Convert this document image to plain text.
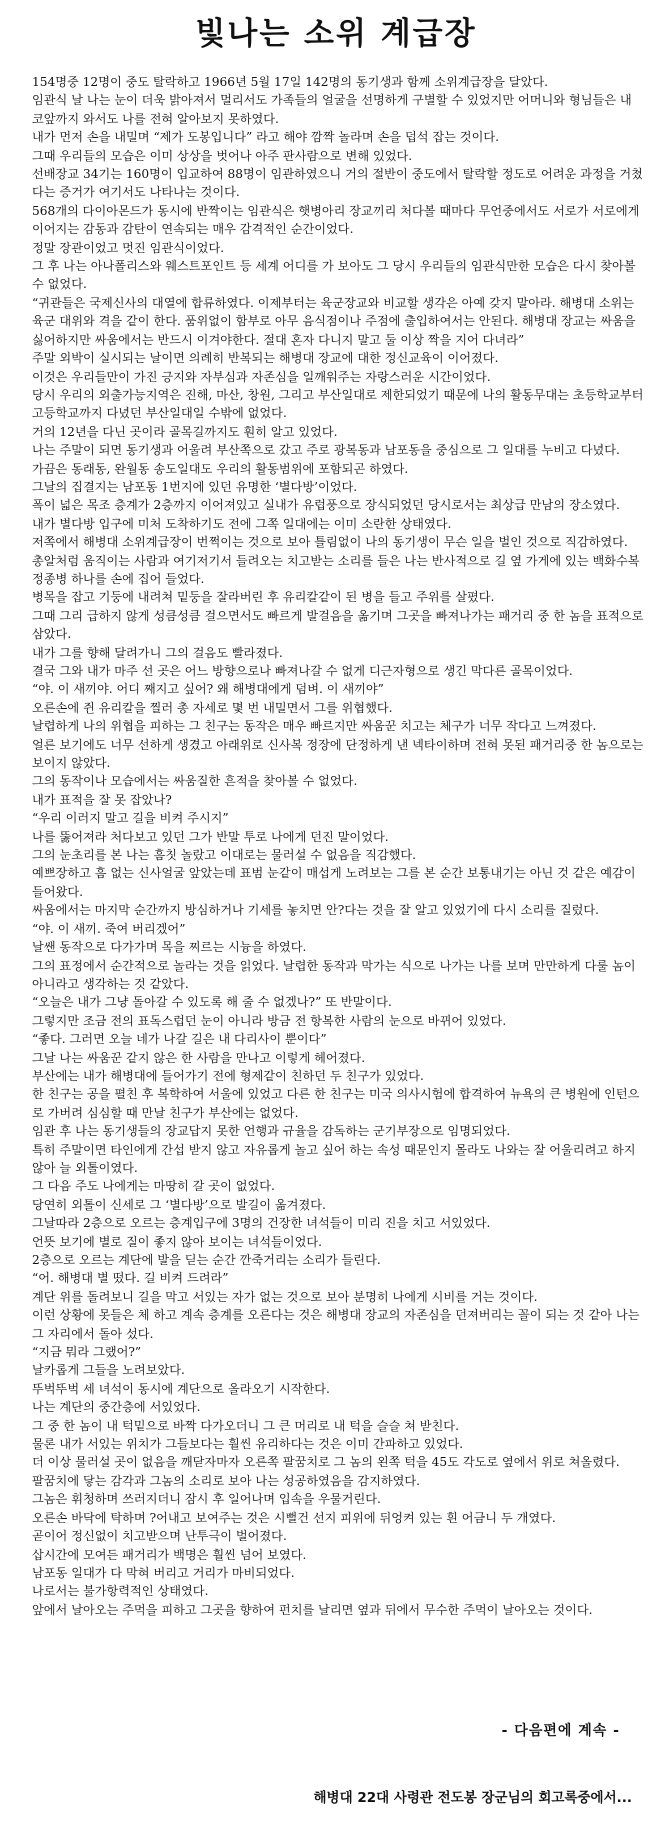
빛나는 소위 계급장

154명중 12명이 중도 탈락하고 1966년 5월 17일 142명의 동기생과 함께 소위계급장을 달았다.

임관식 날 나는 눈이 더욱 밝아져서 멀리서도 가족들의 얼굴을 선명하게 구별할 수 있었지만 어머니와 형님들은 내 코앞까지 와서도 나를 전혀 알아보지 못하였다.

내가 먼저 손을 내밀며 “제가 도봉입니다” 라고 해야 깜짝 놀라며 손을 덥석 잡는 것이다.

그때 우리들의 모습은 이미 상상을 벗어나 아주 판사람으로 변해 있었다.

선배장교 34기는 160명이 입교하여 88명이 임관하였으니 거의 절반이 중도에서 탈락할 정도로 어려운 과정을 거쳤다는 증거가 여기서도 나타나는 것이다.

568개의 다이아몬드가 동시에 반짝이는 임관식은 햇병아리 장교끼리 처다볼 때마다 무언중에서도 서로가 서로에게 이어지는 감동과 감탄이 연속되는 매우 감격적인 순간이었다.

정말 장관이었고 멋진 임관식이었다.

그 후 나는 아나폴리스와 웨스트포인트 등 세계 어디를 가 보아도 그 당시 우리들의 임관식만한 모습은 다시 찾아볼 수 없었다.

“귀관들은 국제신사의 대열에 합류하였다. 이제부터는 육군장교와 비교할 생각은 아예 갖지 말아라. 해병대 소위는 육군 대위와 격을 같이 한다. 품위없이 함부로 아무 음식점이나 주점에 출입하여서는 안된다. 해병대 장교는 싸움을 싫어하지만 싸움에서는 반드시 이겨야한다. 절대 혼자 다니지 말고 둘 이상 짝을 지어 다녀라”

주말 외박이 실시되는 날이면 의례히 반복되는 해병대 장교에 대한 정신교육이 이어졌다.

이것은 우리들만이 가진 긍지와 자부심과 자존심을 일깨워주는 자랑스러운 시간이었다.

당시 우리의 외출가능지역은 진해, 마산, 창원, 그리고 부산일대로 제한되었기 때문에 나의 활동무대는 초등학교부터 고등학교까지 다녔던 부산일대일 수밖에 없었다.

거의 12년을 다닌 곳이라 골목길까지도 훤히 알고 있었다.

나는 주말이 되면 동기생과 어울려 부산쪽으로 갔고 주로 광복동과 남포동을 중심으로 그 일대를 누비고 다녔다.

가끔은 동래동, 완월동 송도일대도 우리의 활동범위에 포함되곤 하였다.

그날의 집결지는 남포동 1번지에 있던 유명한 ‘별다방’이었다.

폭이 넓은 목조 층계가 2층까지 이어져있고 실내가 유럽풍으로 장식되었던 당시로서는 최상급 만남의 장소였다.

내가 별다방 입구에 미처 도착하기도 전에 그쪽 일대에는 이미 소란한 상태였다.

저쪽에서 해병대 소위계급장이 번쩍이는 것으로 보아 틀림없이 나의 동기생이 무슨 일을 벌인 것으로 직감하였다.

총알처럼 움직이는 사람과 여기저기서 들려오는 치고받는 소리를 들은 나는 반사적으로 길 옆 가게에 있는 백화수복 정종병 하나를 손에 집어 들었다.

병목을 잡고 기둥에 내려쳐 밑둥을 잘라버린 후 유리칼같이 된 병을 들고 주위를 살폈다.

그때 그리 급하지 않게 성큼성큼 걸으면서도 빠르게 발걸음을 옮기며 그곳을 빠져나가는 패거리 중 한 놈을 표적으로 삼았다.

내가 그를 향해 달려가니 그의 걸음도 빨라졌다.

결국 그와 내가 마주 선 곳은 어느 방향으로나 빠져나갈 수 없게 디근자형으로 생긴 막다른 골목이었다.

“야. 이 새끼야. 어디 째지고 싶어? 왜 해병대에게 덤벼. 이 새끼야”

오른손에 쥔 유리칼을 찔러 총 자세로 몇 번 내밀면서 그를 위협했다.

날렵하게 나의 위협을 피하는 그 친구는 동작은 매우 빠르지만 싸움꾼 치고는 체구가 너무 작다고 느껴졌다.

얼른 보기에도 너무 선하게 생겼고 아래위로 신사복 정장에 단정하게 낸 넥타이하며 전혀 못된 패거리중 한 놈으로는 보이지 않았다.

그의 동작이나 모습에서는 싸움질한 흔적을 찾아볼 수 없었다.

내가 표적을 잘 못 잡았나?

“우리 이러지 말고 길을 비켜 주시지”

나를 뚫어져라 처다보고 있던 그가 반말 투로 나에게 던진 말이었다.

그의 눈초리를 본 나는 흠칫 놀랐고 이대로는 물러설 수 없음을 직감했다.

예쁘장하고 흠 없는 신사얼굴 앞았는데 표범 눈같이 매섭게 노려보는 그를 본 순간 보통내기는 아닌 것 같은 예감이 들어왔다.

싸움에서는 마지막 순간까지 방심하거나 기세를 놓치면 안?다는 것을 잘 알고 있었기에 다시 소리를 질렀다.

“야. 이 새끼. 죽여 버리겠어”

날쌘 동작으로 다가가며 목을 찌르는 시늉을 하였다.

그의 표정에서 순간적으로 놀라는 것을 읽었다. 날렵한 동작과 막가는 식으로 나가는 나를 보며 만만하게 다룰 놈이 아니라고 생각하는 것 같았다.

“오늘은 내가 그냥 돌아갈 수 있도록 해 줄 수 없겠나?” 또 반말이다.

그렇지만 조금 전의 표독스럽던 눈이 아니라 방금 전 항복한 사람의 눈으로 바뀌어 있었다.

“좋다. 그러면 오늘 네가 나갈 길은 내 다리사이 뿐이다”

그날 나는 싸움꾼 같지 않은 한 사람을 만나고 이렇게 헤어졌다.

부산에는 내가 해병대에 들어가기 전에 형제같이 친하던 두 친구가 있었다.

한 친구는 공을 펼친 후 복학하여 서울에 있었고 다른 한 친구는 미국 의사시험에 합격하여 뉴욕의 큰 병원에 인턴으로 가버려 심심할 때 만날 친구가 부산에는 없었다.

임관 후 나는 동기생들의 장교답지 못한 언행과 규율을 감독하는 군기부장으로 임명되었다.

특히 주말이면 타인에게 간섭 받지 않고 자유롭게 놀고 싶어 하는 속성 때문인지 몰라도 나와는 잘 어울리려고 하지 않아 늘 외톨이였다.

그 다음 주도 나에게는 마땅히 갈 곳이 없었다.

당연히 외톨이 신세로 그 ‘별다방’으로 발길이 옮겨졌다.

그날따라 2층으로 오르는 층계입구에 3명의 건장한 녀석들이 미리 진을 치고 서있었다.

언뜻 보기에 별로 질이 좋지 않아 보이는 녀석들이었다.

2층으로 오르는 계단에 발을 딛는 순간 깐죽거리는 소리가 들린다.

“어. 해병대 별 떴다. 길 비켜 드려라”

계단 위를 돌려보니 길을 막고 서있는 자가 없는 것으로 보아 분명히 나에게 시비를 거는 것이다.

이런 상황에 못들은 체 하고 계속 층계를 오른다는 것은 해병대 장교의 자존심을 던져버리는 꼴이 되는 것 같아 나는 그 자리에서 돌아 섰다.

“지금 뭐라 그랬어?”

날카롭게 그들을 노려보았다.

뚜벅뚜벅 세 녀석이 동시에 계단으로 올라오기 시작한다.

나는 계단의 중간층에 서있었다.

그 중 한 놈이 내 턱밑으로 바짝 다가오더니 그 큰 머리로 내 턱을 슬슬 쳐 받친다.

물론 내가 서있는 위치가 그들보다는 훨씬 유리하다는 것은 이미 간파하고 있었다.

더 이상 물러설 곳이 없음을 깨닫자마자 오른쪽 팔꿈치로 그 놈의 왼쪽 턱을 45도 각도로 옆에서 위로 쳐올렸다.

팔꿈치에 닿는 감각과 그놈의 소리로 보아 나는 성공하였음을 감지하였다.

그놈은 휘청하며 쓰러지더니 잠시 후 일어나며 입속을 우물거린다.

오른손 바닥에 탁하며 ?어내고 보여주는 것은 시뻘건 선지 피위에 뒤엉켜 있는 흰 어금니 두 개였다.

곧이어 정신없이 치고받으며 난투극이 벌어졌다.

삽시간에 모여든 패거리가 백명은 훨씬 넘어 보였다.

남포동 일대가 다 막혀 버리고 거리가 마비되었다.

나로서는 불가항력적인 상태였다.

앞에서 날아오는 주먹을 피하고 그곳을 향하여 펀치를 날리면 옆과 뒤에서 무수한 주먹이 날아오는 것이다.

- 다음편에 계속 -
해병대 22대 사령관 전도봉 장군님의 회고록중에서...
